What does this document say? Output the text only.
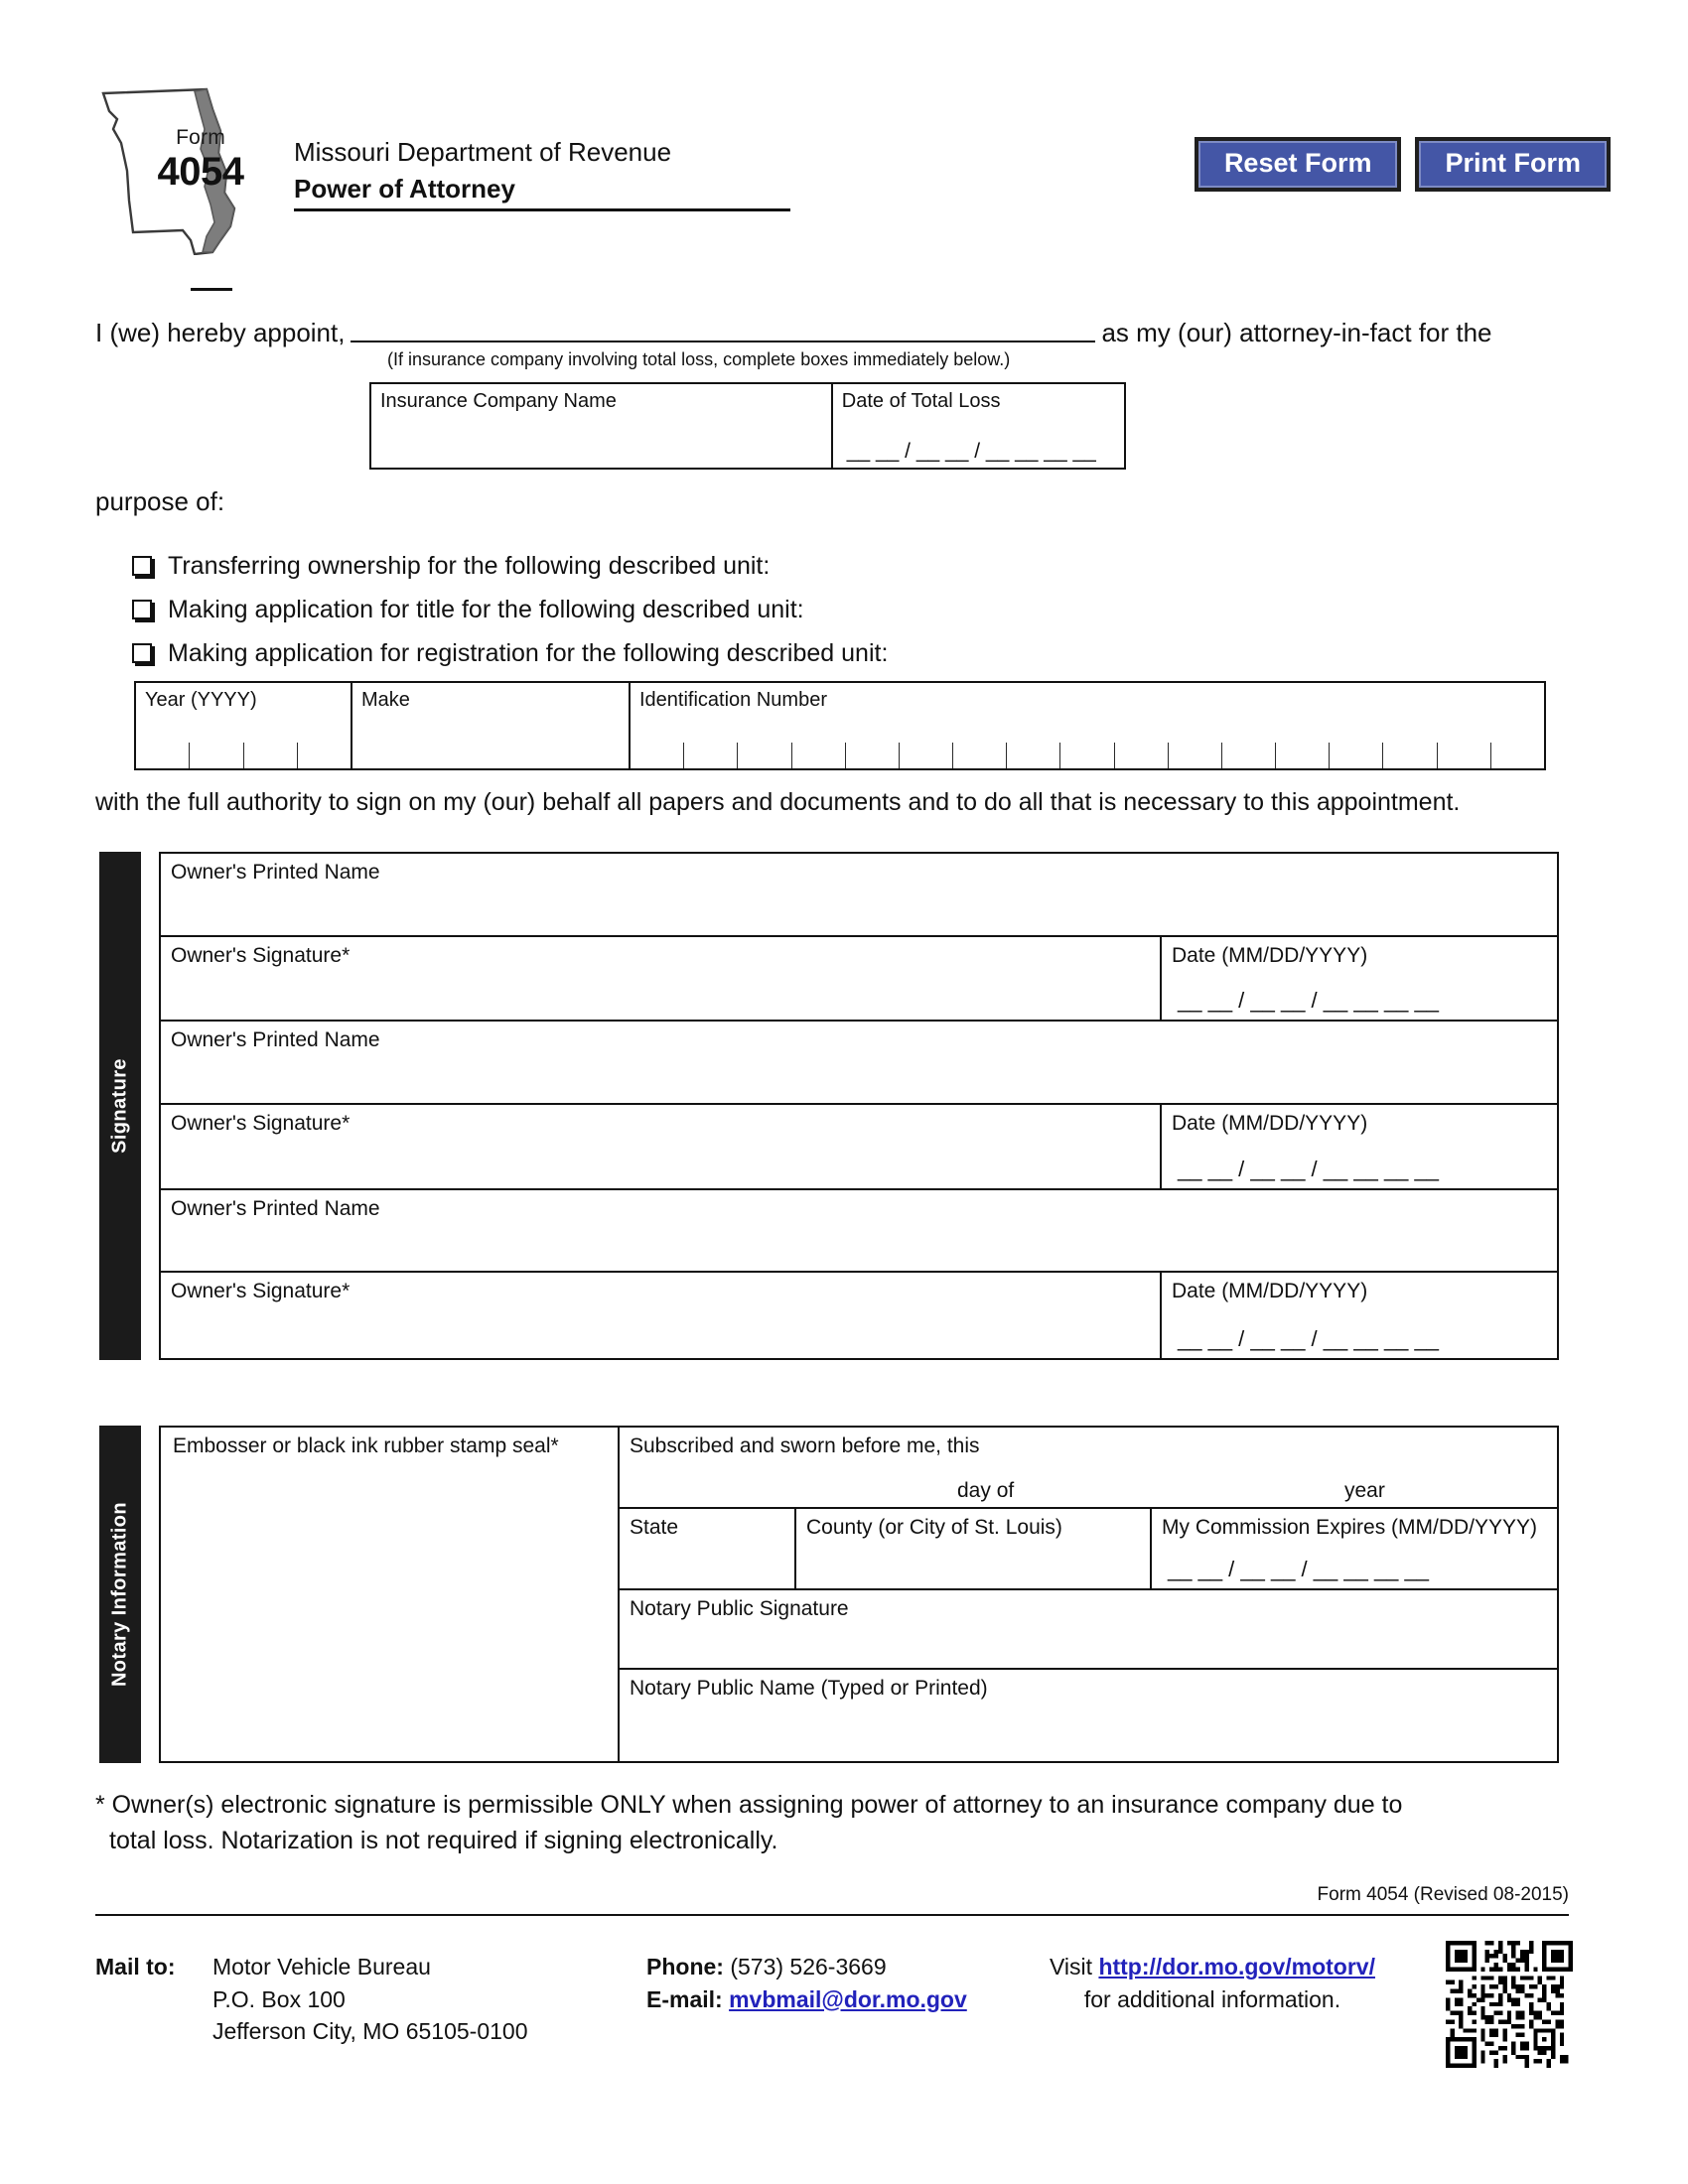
Form
4054	Missouri Department of Revenue
Power of Attorney
Reset Form	Print Form
I (we) hereby appoint,	as my (our) attorney-in-fact for the
(If insurance company involving total loss, complete boxes immediately below.)
Insurance Company Name	Date of Total Loss
__ __ / __ __ / __ __ __ __
purpose of:
Transferring ownership for the following described unit:
Making application for title for the following described unit:
Making application for registration for the following described unit:
Year (YYYY)	Make	Identification Number
with the full authority to sign on my (our) behalf all papers and documents and to do all that is necessary to this appointment.
Signature
Owner's Printed Name
Owner's Signature*	Date (MM/DD/YYYY)
__ __ / __ __ / __ __ __ __
Owner's Printed Name
Owner's Signature*	Date (MM/DD/YYYY)
__ __ / __ __ / __ __ __ __
Owner's Printed Name
Owner's Signature*	Date (MM/DD/YYYY)
__ __ / __ __ / __ __ __ __
Notary Information
Embosser or black ink rubber stamp seal*	Subscribed and sworn before me, this
day of	year
State	County (or City of St. Louis)	My Commission Expires (MM/DD/YYYY)
__ __ / __ __ / __ __ __ __
Notary Public Signature
Notary Public Name (Typed or Printed)
* Owner(s) electronic signature is permissible ONLY when assigning power of attorney to an insurance company due to
total loss. Notarization is not required if signing electronically.
Form 4054 (Revised 08-2015)
Mail to: Motor Vehicle Bureau
P.O. Box 100
Jefferson City, MO 65105-0100
Phone: (573) 526-3669
E-mail: mvbmail@dor.mo.gov
Visit http://dor.mo.gov/motorv/
for additional information.
